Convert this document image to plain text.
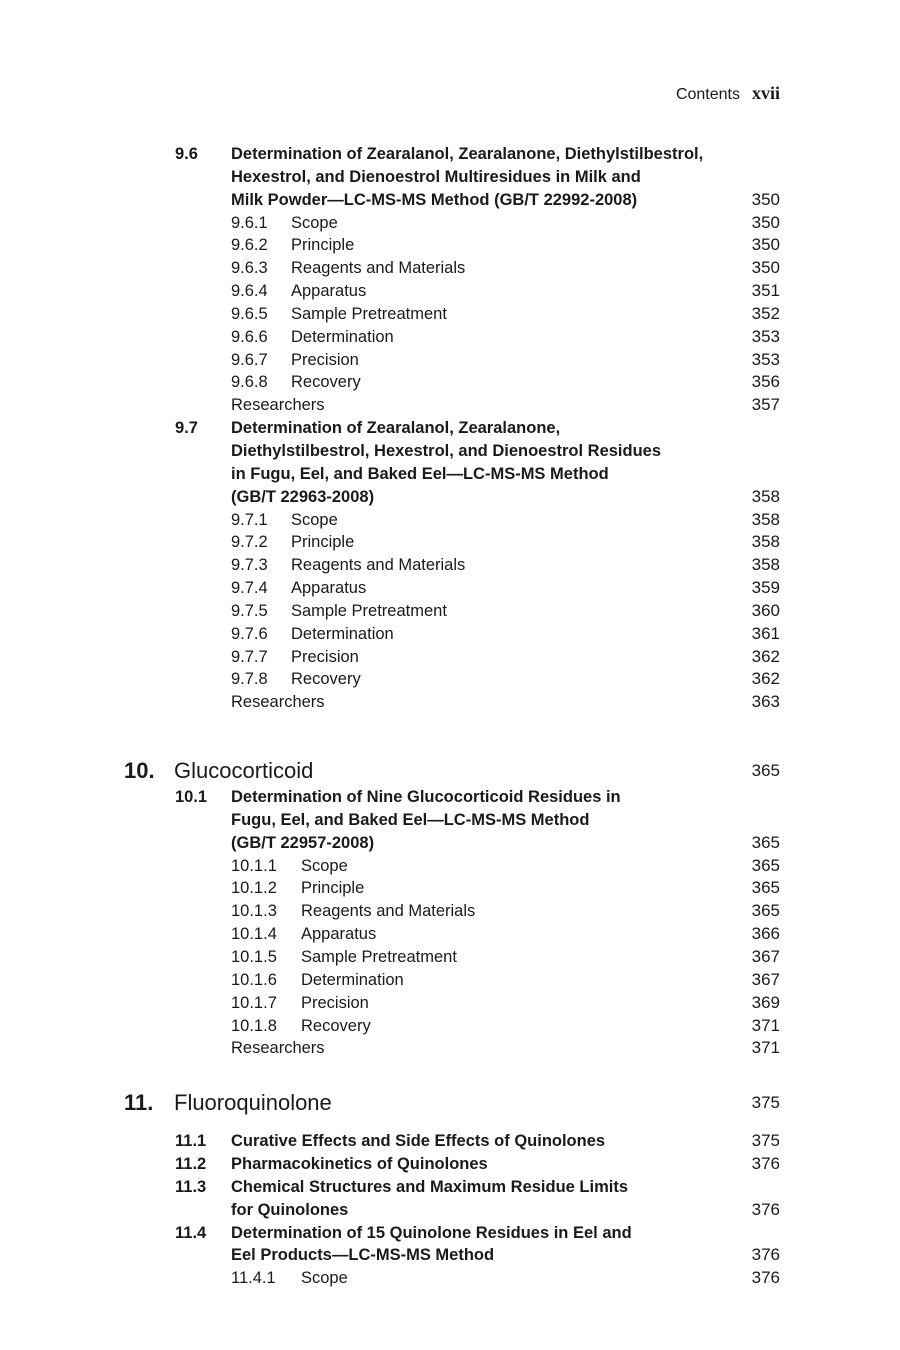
Contents xvii
9.6 Determination of Zearalanol, Zearalanone, Diethylstilbestrol,
Hexestrol, and Dienoestrol Multiresidues in Milk and
Milk Powder—LC-MS-MS Method (GB/T 22992-2008)	350
9.6.1 Scope	350
9.6.2 Principle	350
9.6.3 Reagents and Materials	350
9.6.4 Apparatus	351
9.6.5 Sample Pretreatment	352
9.6.6 Determination	353
9.6.7 Precision	353
9.6.8 Recovery	356
Researchers	357
9.7 Determination of Zearalanol, Zearalanone,
Diethylstilbestrol, Hexestrol, and Dienoestrol Residues
in Fugu, Eel, and Baked Eel—LC-MS-MS Method
(GB/T 22963-2008)	358
9.7.1 Scope	358
9.7.2 Principle	358
9.7.3 Reagents and Materials	358
9.7.4 Apparatus	359
9.7.5 Sample Pretreatment	360
9.7.6 Determination	361
9.7.7 Precision	362
9.7.8 Recovery	362
Researchers	363
10. Glucocorticoid	365
10.1 Determination of Nine Glucocorticoid Residues in
Fugu, Eel, and Baked Eel—LC-MS-MS Method
(GB/T 22957-2008)	365
10.1.1 Scope	365
10.1.2 Principle	365
10.1.3 Reagents and Materials	365
10.1.4 Apparatus	366
10.1.5 Sample Pretreatment	367
10.1.6 Determination	367
10.1.7 Precision	369
10.1.8 Recovery	371
Researchers	371
11. Fluoroquinolone	375
11.1 Curative Effects and Side Effects of Quinolones	375
11.2 Pharmacokinetics of Quinolones	376
11.3 Chemical Structures and Maximum Residue Limits
for Quinolones	376
11.4 Determination of 15 Quinolone Residues in Eel and
Eel Products—LC-MS-MS Method	376
11.4.1 Scope	376
